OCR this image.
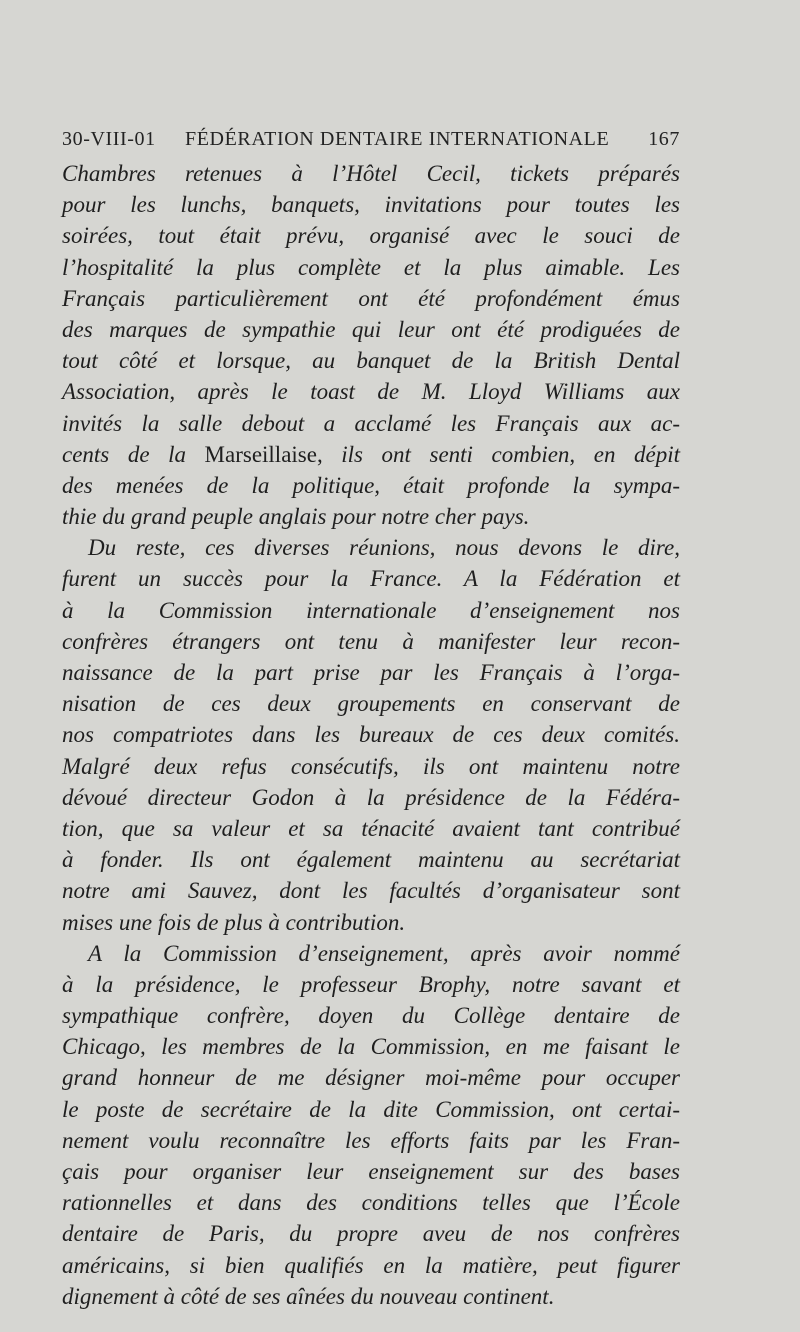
30-VIII-01 FÉDÉRATION DENTAIRE INTERNATIONALE 167
Chambres retenues à l’Hôtel Cecil, tickets préparés
pour les lunchs, banquets, invitations pour toutes les
soirées, tout était prévu, organisé avec le souci de
l’hospitalité la plus complète et la plus aimable. Les
Français particulièrement ont été profondément émus
des marques de sympathie qui leur ont été prodiguées de
tout côté et lorsque, au banquet de la British Dental
Association, après le toast de M. Lloyd Williams aux
invités la salle debout a acclamé les Français aux ac-
cents de la Marseillaise, ils ont senti combien, en dépit
des menées de la politique, était profonde la sympa-
thie du grand peuple anglais pour notre cher pays.
Du reste, ces diverses réunions, nous devons le dire,
furent un succès pour la France. A la Fédération et
à la Commission internationale d’enseignement nos
confrères étrangers ont tenu à manifester leur recon-
naissance de la part prise par les Français à l’orga-
nisation de ces deux groupements en conservant de
nos compatriotes dans les bureaux de ces deux comités.
Malgré deux refus consécutifs, ils ont maintenu notre
dévoué directeur Godon à la présidence de la Fédéra-
tion, que sa valeur et sa ténacité avaient tant contribué
à fonder. Ils ont également maintenu au secrétariat
notre ami Sauvez, dont les facultés d’organisateur sont
mises une fois de plus à contribution.
A la Commission d’enseignement, après avoir nommé
à la présidence, le professeur Brophy, notre savant et
sympathique confrère, doyen du Collège dentaire de
Chicago, les membres de la Commission, en me faisant le
grand honneur de me désigner moi-même pour occuper
le poste de secrétaire de la dite Commission, ont certai-
nement voulu reconnaître les efforts faits par les Fran-
çais pour organiser leur enseignement sur des bases
rationnelles et dans des conditions telles que l’École
dentaire de Paris, du propre aveu de nos confrères
américains, si bien qualifiés en la matière, peut figurer
dignement à côté de ses aînées du nouveau continent.
